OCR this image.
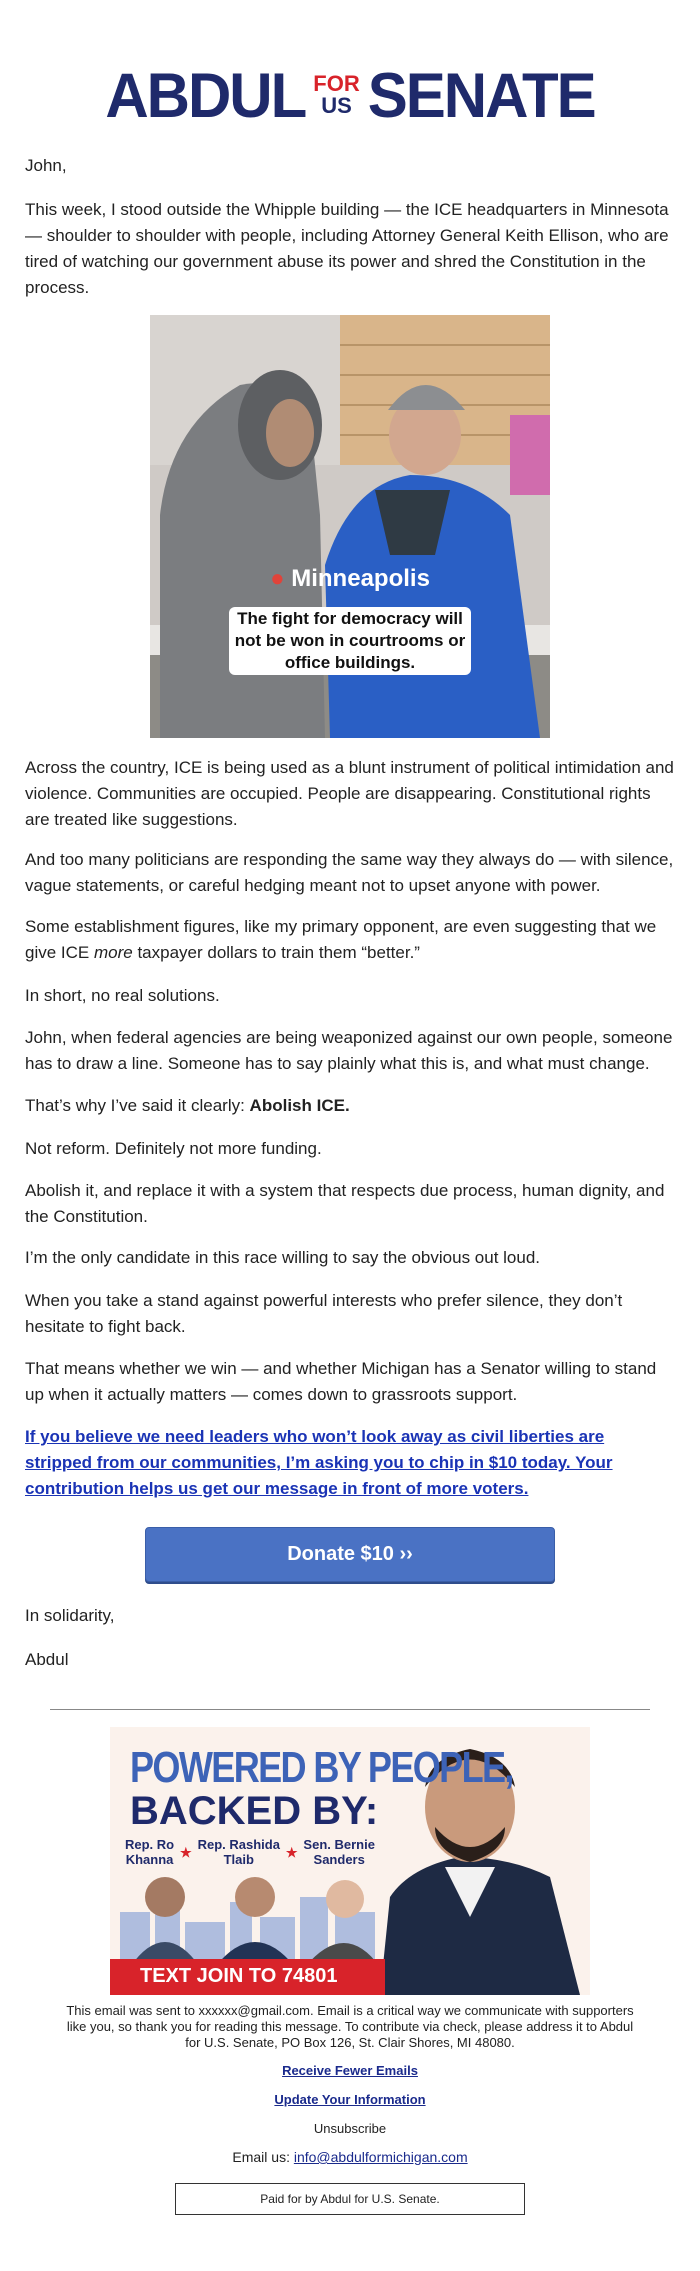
ABDUL FOR
US SENATE
John,
This week, I stood outside the Whipple building — the ICE headquarters in Minnesota — shoulder to shoulder with people, including Attorney General Keith Ellison, who are tired of watching our government abuse its power and shred the Constitution in the process.
● Minneapolis
The fight for democracy will
not be won in courtrooms or
office buildings.
Across the country, ICE is being used as a blunt instrument of political intimidation and violence. Communities are occupied. People are disappearing. Constitutional rights are treated like suggestions.
And too many politicians are responding the same way they always do — with silence, vague statements, or careful hedging meant not to upset anyone with power.
Some establishment figures, like my primary opponent, are even suggesting that we give ICE more taxpayer dollars to train them “better.”
In short, no real solutions.
John, when federal agencies are being weaponized against our own people, someone has to draw a line. Someone has to say plainly what this is, and what must change.
That’s why I’ve said it clearly: Abolish ICE.
Not reform. Definitely not more funding.
Abolish it, and replace it with a system that respects due process, human dignity, and the Constitution.
I’m the only candidate in this race willing to say the obvious out loud.
When you take a stand against powerful interests who prefer silence, they don’t hesitate to fight back.
That means whether we win — and whether Michigan has a Senator willing to stand up when it actually matters — comes down to grassroots support.
If you believe we need leaders who won’t look away as civil liberties are stripped from our communities, I’m asking you to chip in $10 today. Your contribution helps us get our message in front of more voters.
Donate $10 ››
In solidarity,
Abdul
POWERED BY PEOPLE,
BACKED BY:
Rep. Ro
Khanna ★ Rep. Rashida
Tlaib	★ Sen. Bernie
Sanders
TEXT JOIN TO 74801
This email was sent to xxxxxx@gmail.com. Email is a critical way we communicate with supporters like you, so thank you for reading this message. To contribute via check, please address it to Abdul for U.S. Senate, PO Box 126, St. Clair Shores, MI 48080.
Receive Fewer Emails
Update Your Information
Unsubscribe
Email us: info@abdulformichigan.com
Paid for by Abdul for U.S. Senate.
